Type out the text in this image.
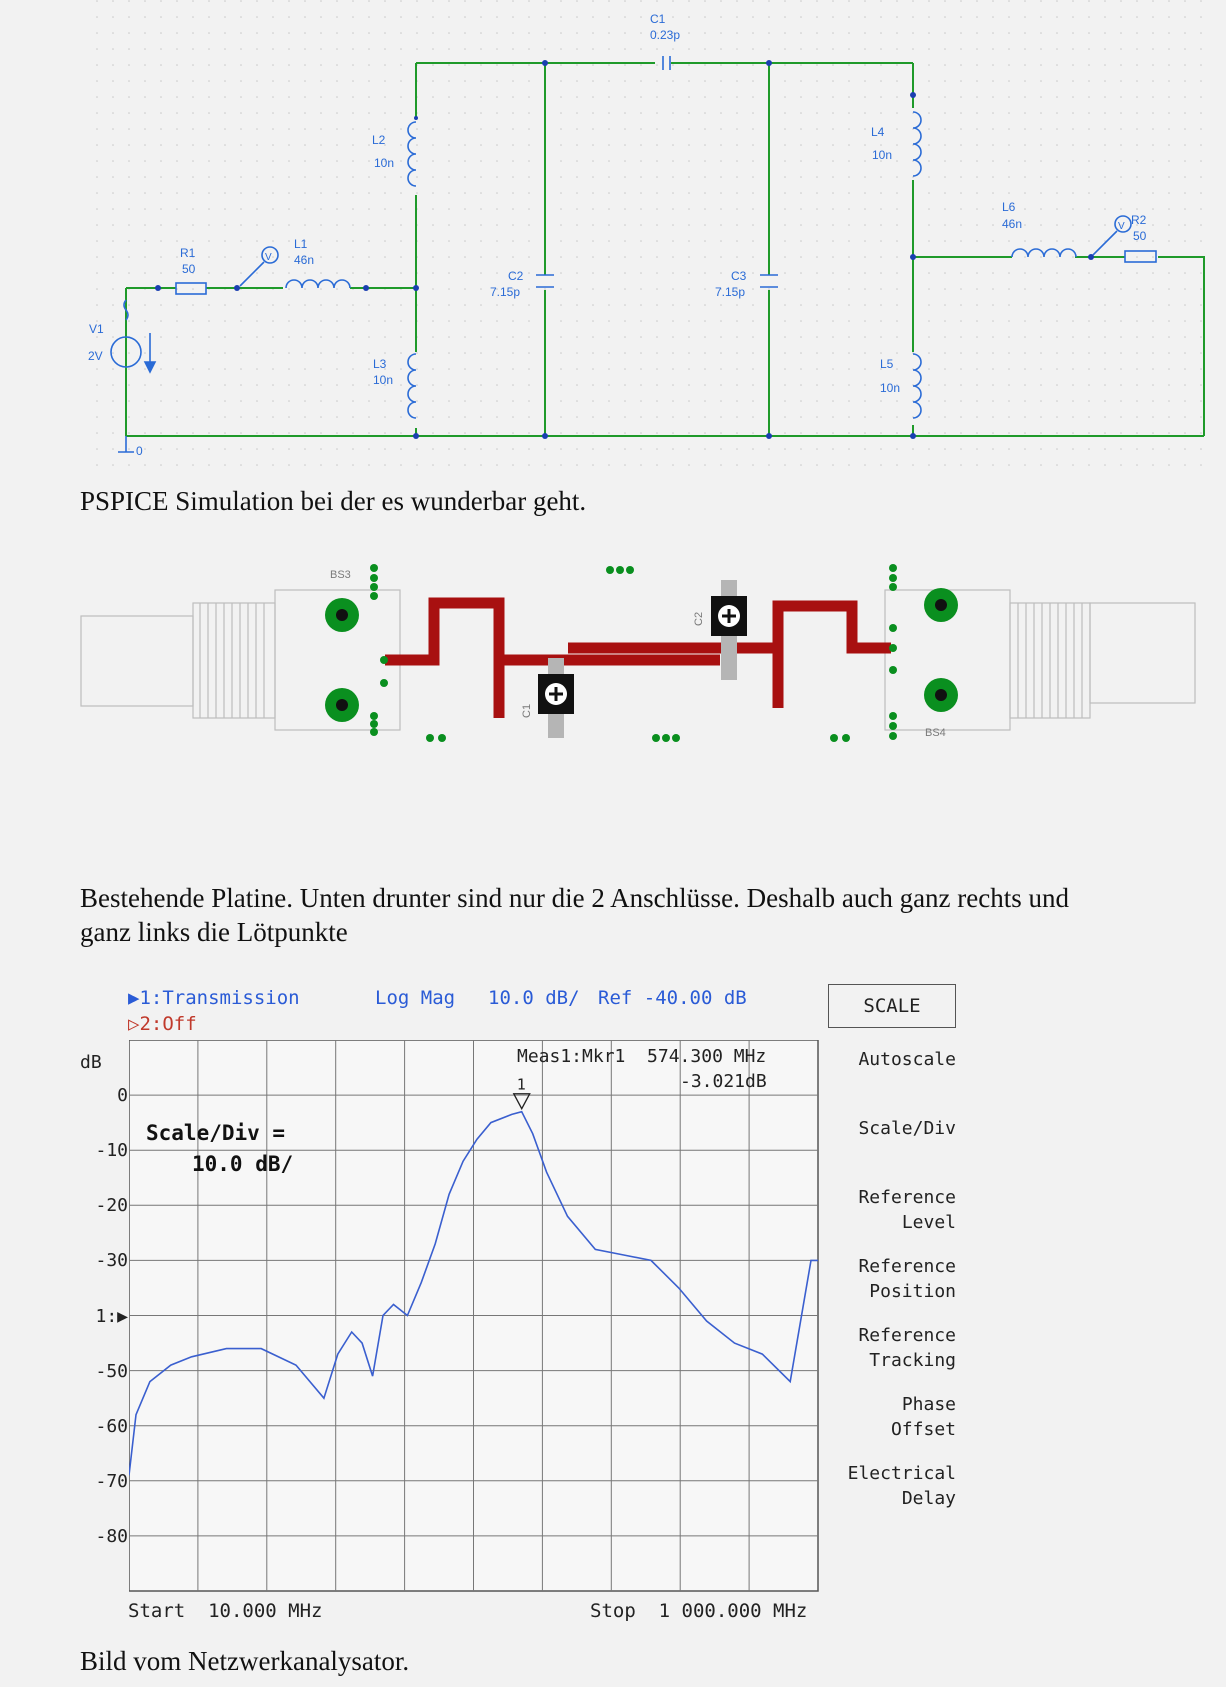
C1
0.23p
L2
10n
L4
10n
L6
46n	R2
50
R1
50
L1
46n
C2
7.15p
C3
7.15p
V1
2V
L3
10n
L5
10n
V
V
0
PSPICE Simulation bei der es wunderbar geht.
BS3
BS4
C1
C2
Bestehende Platine. Unten drunter sind nur die 2 Anschlüsse. Deshalb auch ganz rechts und
ganz links die Lötpunkte
▶1:Transmission	Log Mag 10.0 dB/ Ref -40.00 dB
▷2:Off
dB
0
-10
-20
-30
1:▶
-50
-60
-70
-80
1
Meas1:Mkr1  574.300 MHz
-3.021dB
Scale/Div =
10.0 dB/
Start  10.000 MHz	Stop  1 000.000 MHz
SCALE
Autoscale
Scale/Div
Reference
Level
Reference
Position
Reference
Tracking
Phase
Offset
Electrical
Delay
Bild vom Netzwerkanalysator.
